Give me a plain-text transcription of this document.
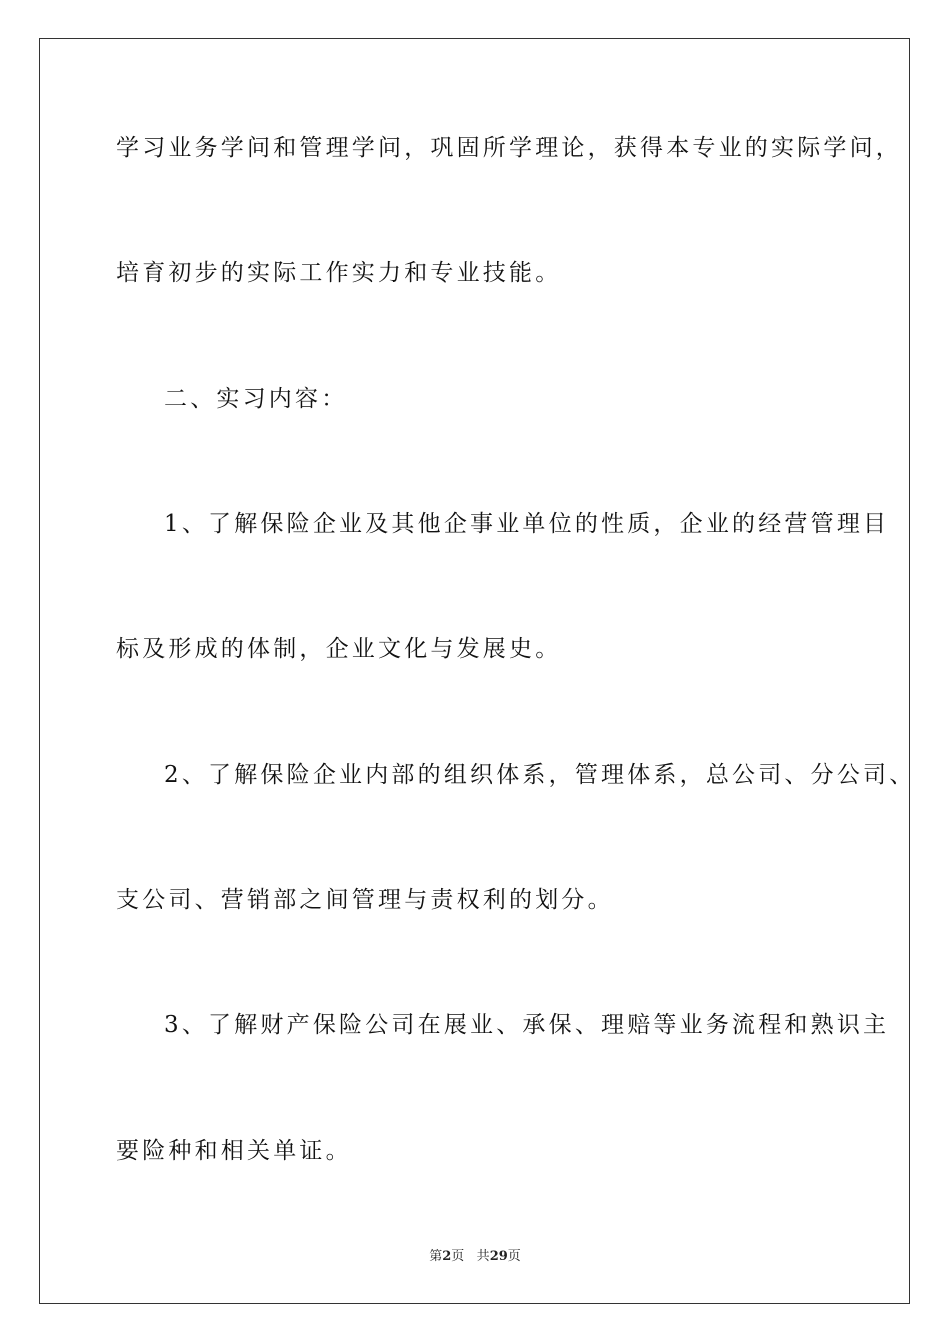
学习业务学问和管理学问，巩固所学理论，获得本专业的实际学问，
培育初步的实际工作实力和专业技能。
二、实习内容：
1、了解保险企业及其他企事业单位的性质，企业的经营管理目
标及形成的体制，企业文化与发展史。
2、了解保险企业内部的组织体系，管理体系，总公司、分公司、
支公司、营销部之间管理与责权利的划分。
3、了解财产保险公司在展业、承保、理赔等业务流程和熟识主
要险种和相关单证。
第2页 共29页
